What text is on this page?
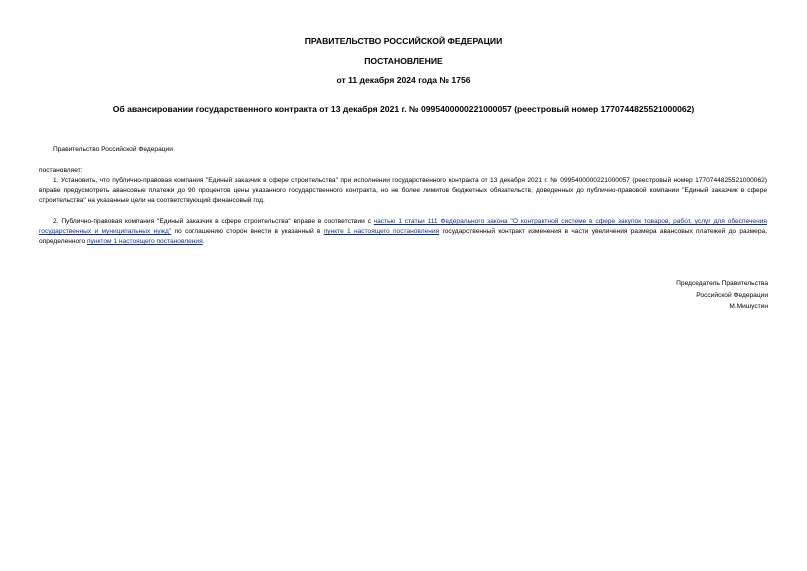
ПРАВИТЕЛЬСТВО РОССИЙСКОЙ ФЕДЕРАЦИИ
ПОСТАНОВЛЕНИЕ
от 11 декабря 2024 года № 1756
Об авансировании государственного контракта от 13 декабря 2021 г. № 0995400000221000057 (реестровый номер 1770744825521000062)
Правительство Российской Федерации
постановляет:
1. Установить, что публично-правовая компания "Единый заказчик в сфере строительства" при исполнении государственного контракта от 13 декабря 2021 г. № 0995400000221000057 (реестровый номер 1770744825521000062) вправе предусмотреть авансовые платежи до 90 процентов цены указанного государственного контракта, но не более лимитов бюджетных обязательств, доведенных до публично-правовой компании "Единый заказчик в сфере строительства" на указанные цели на соответствующий финансовый год.
2. Публично-правовая компания "Единый заказчик в сфере строительства" вправе в соответствии с частью 1 статьи 111 Федерального закона "О контрактной системе в сфере закупок товаров, работ, услуг для обеспечения государственных и муниципальных нужд" по соглашению сторон внести в указанный в пункте 1 настоящего постановления государственный контракт изменения в части увеличения размера авансовых платежей до размера, определенного пунктом 1 настоящего постановления.
Председатель Правительства
Российской Федерации
М.Мишустин
